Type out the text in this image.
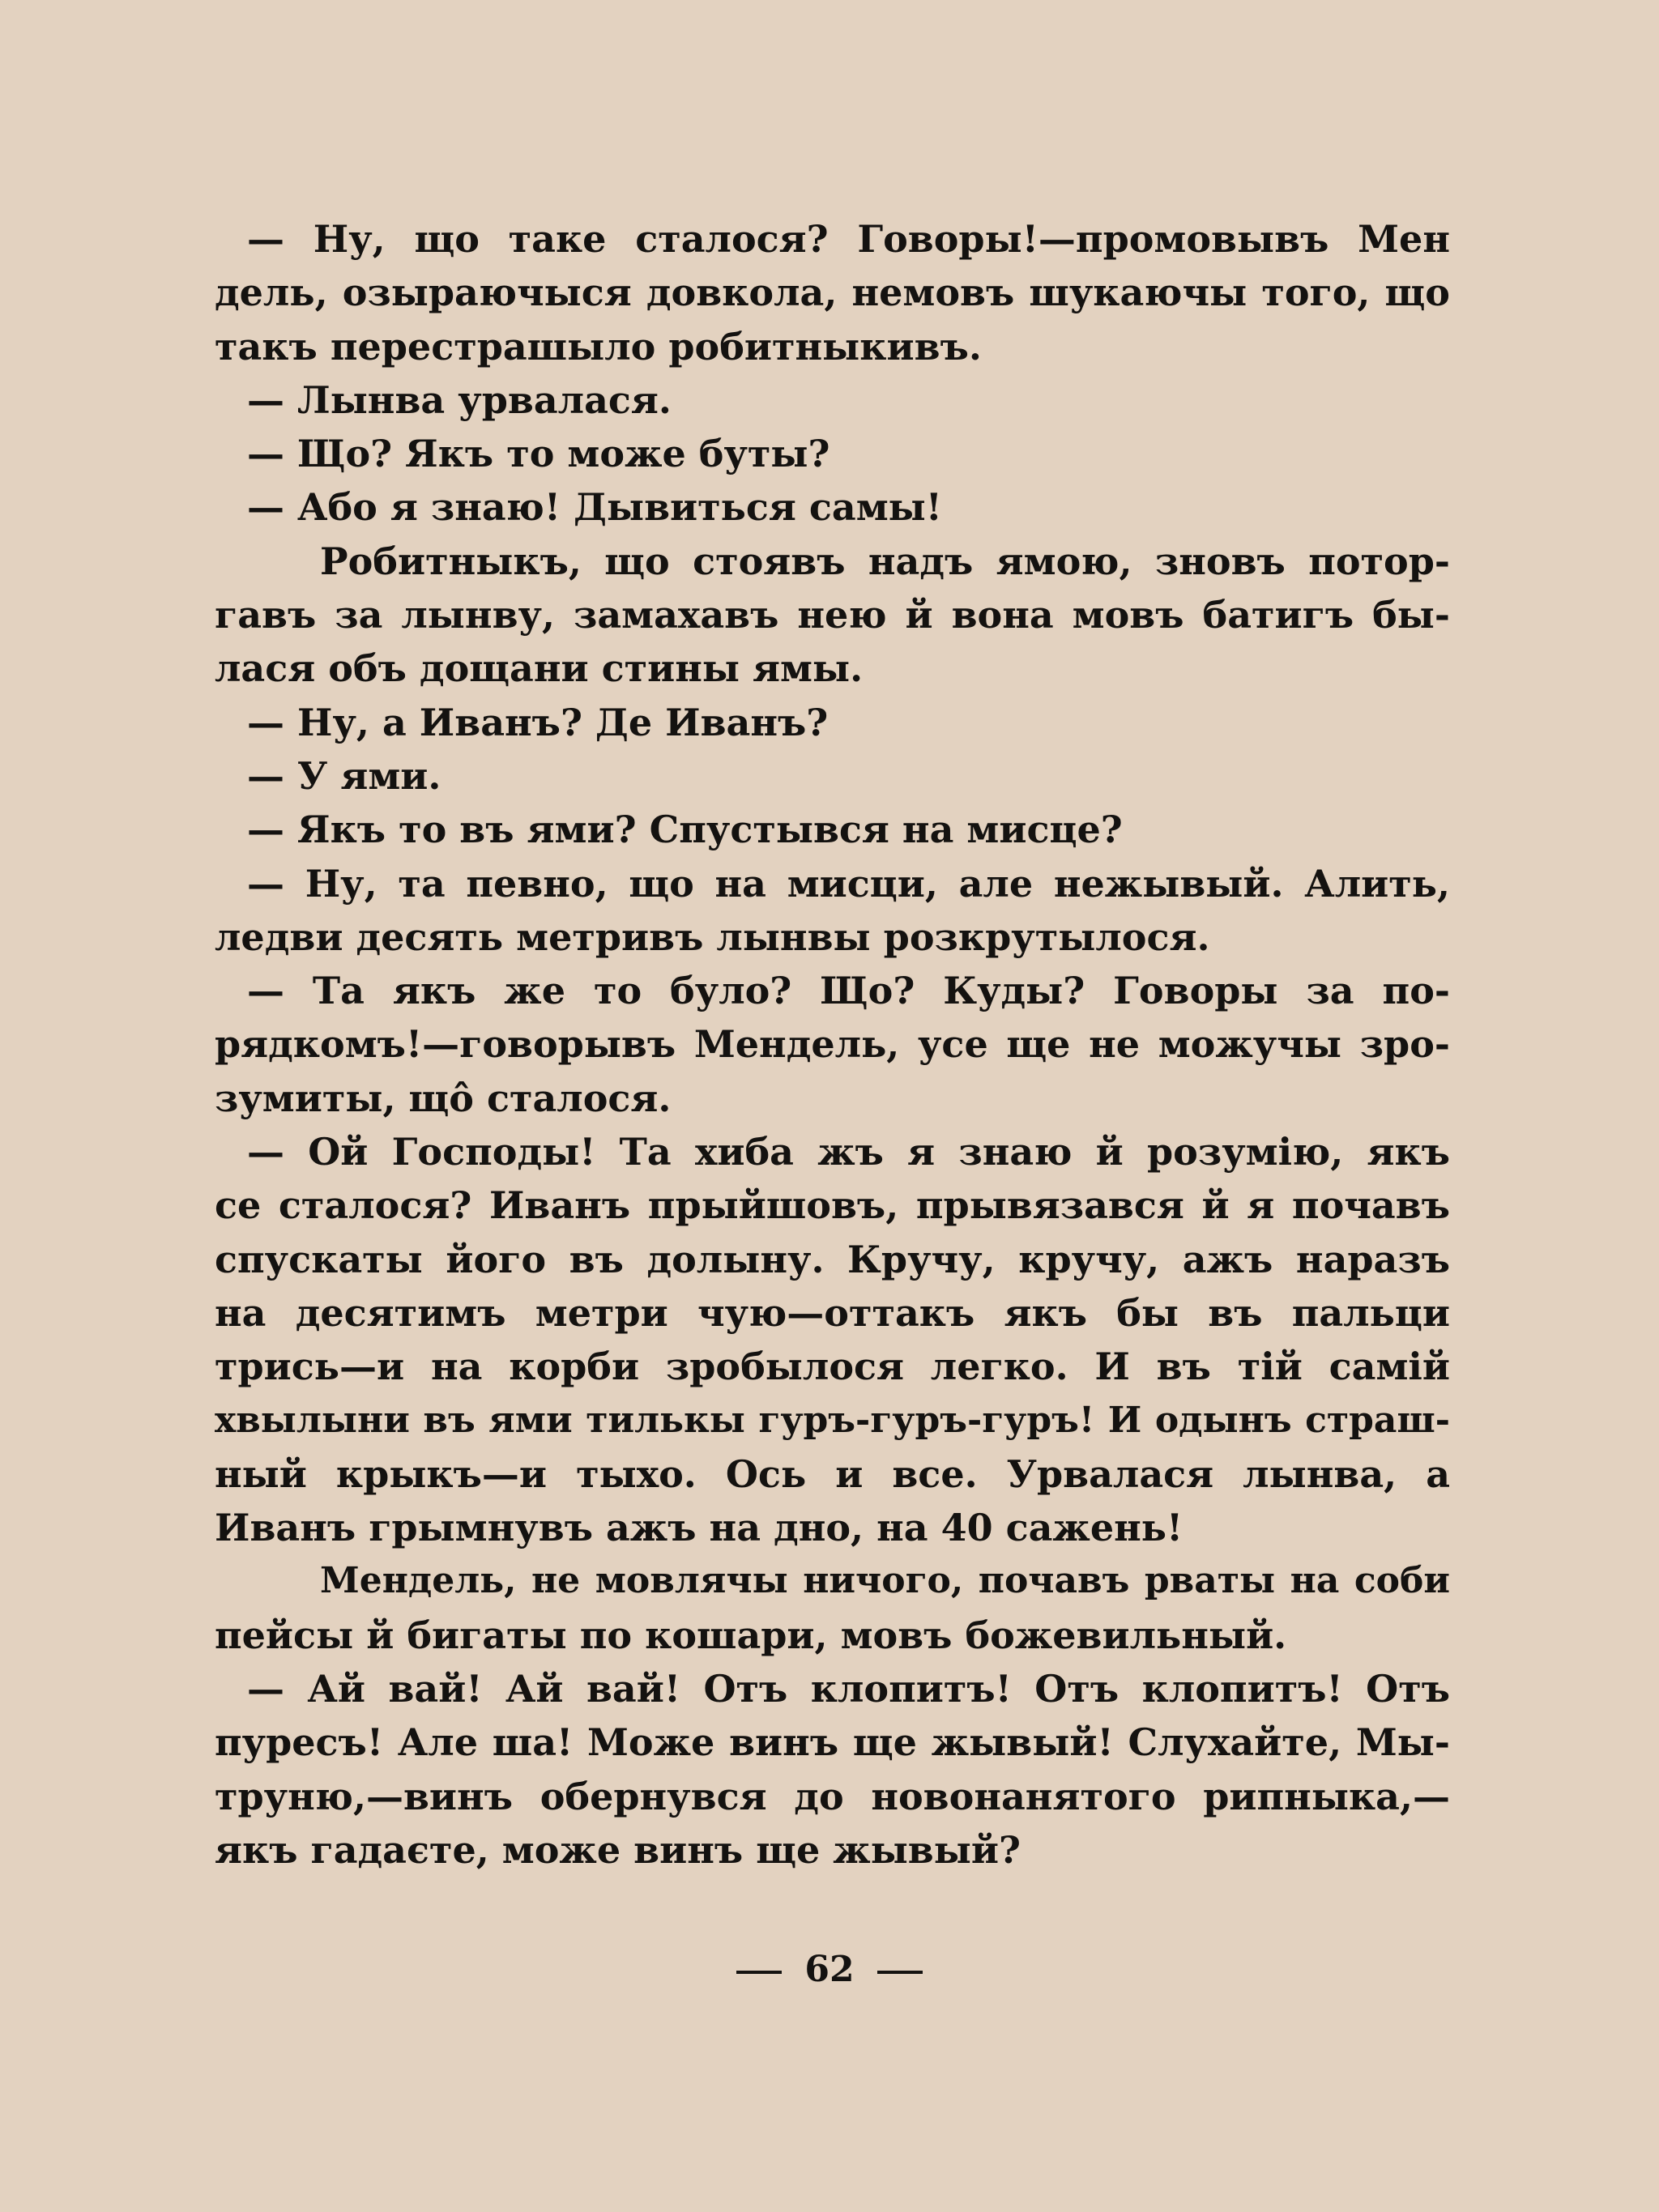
— Ну, що таке сталося? Говоры!—промовывъ Мен
дель, озыраючыся довкола, немовъ шукаючы того, що
такъ перестрашыло робитныкивъ.
— Лынва урвалася.
— Що? Якъ то може буты?
— Або я знаю! Дывиться самы!
Робитныкъ, що стоявъ надъ ямою, зновъ потор-
гавъ за лынву, замахавъ нею й вона мовъ батигъ бы-
лася объ дощани стины ямы.
— Ну, а Иванъ? Де Иванъ?
— У ями.
— Якъ то въ ями? Спустывся на мисце?
— Ну, та певно, що на мисци, але нежывый. Алить,
ледви десять метривъ лынвы розкрутылося.
— Та якъ же то було? Що? Куды? Говоры за по-
рядкомъ!—говорывъ Мендель, усе ще не можучы зро-
зумиты, щô сталося.
— Ой Господы! Та хиба жъ я знаю й розумію, якъ
се сталося? Иванъ прыйшовъ, прывязався й я почавъ
спускаты його въ долыну. Кручу, кручу, ажъ наразъ
на десятимъ метри чую—оттакъ якъ бы въ пальци
трись—и на корби зробылося легко. И въ тій самій
хвылыни въ ями тилькы гуръ-гуръ-гуръ! И одынъ страш-
ный крыкъ—и тыхо. Ось и все. Урвалася лынва, а
Иванъ грымнувъ ажъ на дно, на 40 сажень!
Мендель, не мовлячы ничого, почавъ рваты на соби
пейсы й бигаты по кошари, мовъ божевильный.
— Ай вай! Ай вай! Отъ клопитъ! Отъ клопитъ! Отъ
пуресъ! Але ша! Може винъ ще жывый! Слухайте, Мы-
труню,—винъ обернувся до новонанятого рипныка,—
якъ гадаєте, може винъ ще жывый?
62
